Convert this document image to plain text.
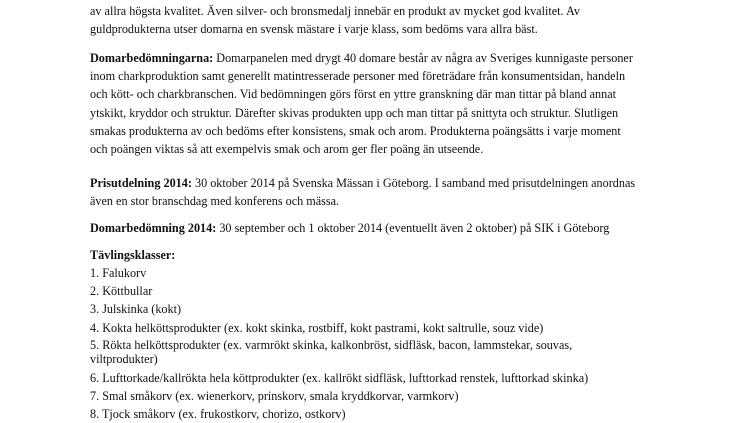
av allra högsta kvalitet. Även silver- och bronsmedalj innebär en produkt av mycket god kvalitet. Av
guldprodukterna utser domarna en svensk mästare i varje klass, som bedöms vara allra bäst.

Domarbedömningarna: Domarpanelen med drygt 40 domare består av några av Sveriges kunnigaste personer
inom charkproduktion samt generellt matintresserade personer med företrädare från konsumentsidan, handeln
och kött- och charkbranschen. Vid bedömningen görs först en yttre granskning där man tittar på bland annat
ytskikt, kryddor och struktur. Därefter skivas produkten upp och man tittar på snittyta och struktur. Slutligen
smakas produkterna av och bedöms efter konsistens, smak och arom. Produkterna poängsätts i varje moment
och poängen viktas så att exempelvis smak och arom ger fler poäng än utseende.

Prisutdelning 2014: 30 oktober 2014 på Svenska Mässan i Göteborg. I samband med prisutdelningen anordnas
även en stor branschdag med konferens och mässa.

Domarbedömning 2014: 30 september och 1 oktober 2014 (eventuellt även 2 oktober) på SIK i Göteborg

Tävlingsklasser:

1. Falukorv
2. Köttbullar
3. Julskinka (kokt)
4. Kokta helköttsprodukter (ex. kokt skinka, rostbiff, kokt pastrami, kokt saltrulle, souz vide)
5. Rökta helköttsprodukter (ex. varmrökt skinka, kalkonbröst, sidfläsk, bacon, lammstekar, souvas, viltprodukter)
6. Lufttorkade/kallrökta hela köttprodukter (ex. kallrökt sidfläsk, lufttorkad renstek, lufttorkad skinka)
7. Smal småkorv (ex. wienerkorv, prinskorv, smala kryddkorvar, varmkorv)
8. Tjock småkorv (ex. frukostkorv, chorizo, ostkorv)
